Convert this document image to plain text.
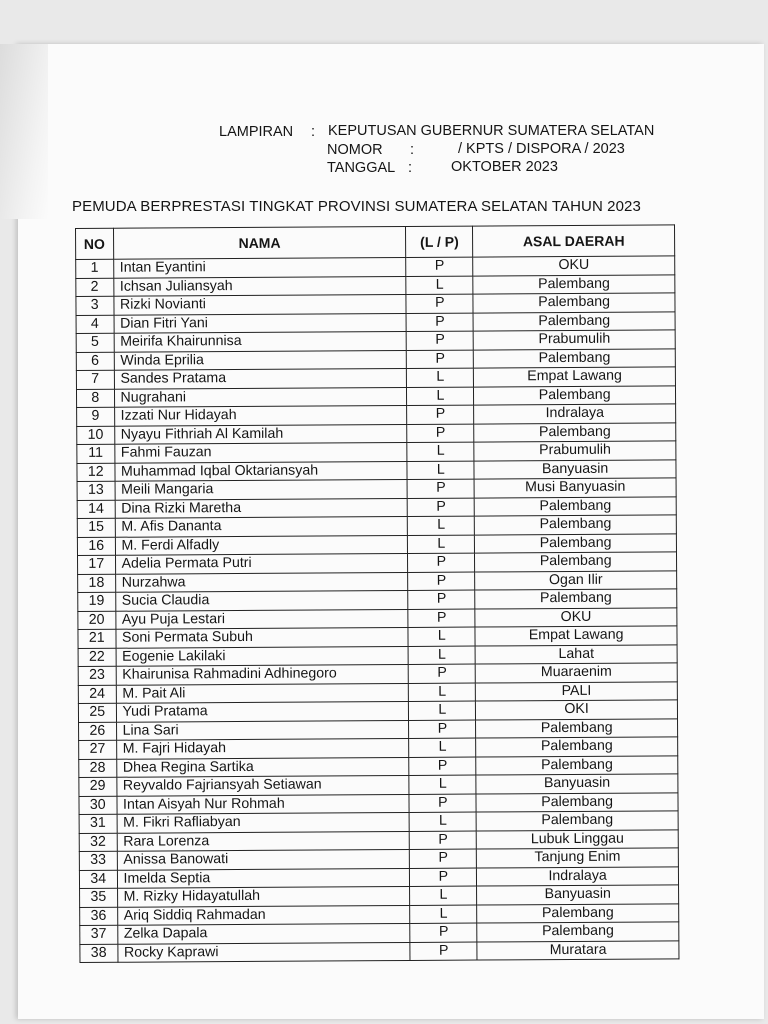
LAMPIRAN : KEPUTUSAN GUBERNUR SUMATERA SELATAN
NOMOR :	/ KPTS / DISPORA / 2023
TANGGAL :	OKTOBER 2023
PEMUDA BERPRESTASI TINGKAT PROVINSI SUMATERA SELATAN TAHUN 2023
NO	NAMA	(L / P)	ASAL DAERAH
1	Intan Eyantini	P	OKU
2	Ichsan Juliansyah	L	Palembang
3	Rizki Novianti	P	Palembang
4	Dian Fitri Yani	P	Palembang
5	Meirifa Khairunnisa	P	Prabumulih
6	Winda Eprilia	P	Palembang
7	Sandes Pratama	L	Empat Lawang
8	Nugrahani	L	Palembang
9	Izzati Nur Hidayah	P	Indralaya
10	Nyayu Fithriah Al Kamilah	P	Palembang
11	Fahmi Fauzan	L	Prabumulih
12	Muhammad Iqbal Oktariansyah	L	Banyuasin
13	Meili Mangaria	P	Musi Banyuasin
14	Dina Rizki Maretha	P	Palembang
15	M. Afis Dananta	L	Palembang
16	M. Ferdi Alfadly	L	Palembang
17	Adelia Permata Putri	P	Palembang
18	Nurzahwa	P	Ogan Ilir
19	Sucia Claudia	P	Palembang
20	Ayu Puja Lestari	P	OKU
21	Soni Permata Subuh	L	Empat Lawang
22	Eogenie Lakilaki	L	Lahat
23	Khairunisa Rahmadini Adhinegoro	P	Muaraenim
24	M. Pait Ali	L	PALI
25	Yudi Pratama	L	OKI
26	Lina Sari	P	Palembang
27	M. Fajri Hidayah	L	Palembang
28	Dhea Regina Sartika	P	Palembang
29	Reyvaldo Fajriansyah Setiawan	L	Banyuasin
30	Intan Aisyah Nur Rohmah	P	Palembang
31	M. Fikri Rafliabyan	L	Palembang
32	Rara Lorenza	P	Lubuk Linggau
33	Anissa Banowati	P	Tanjung Enim
34	Imelda Septia	P	Indralaya
35	M. Rizky Hidayatullah	L	Banyuasin
36	Ariq Siddiq Rahmadan	L	Palembang
37	Zelka Dapala	P	Palembang
38	Rocky Kaprawi	P	Muratara
